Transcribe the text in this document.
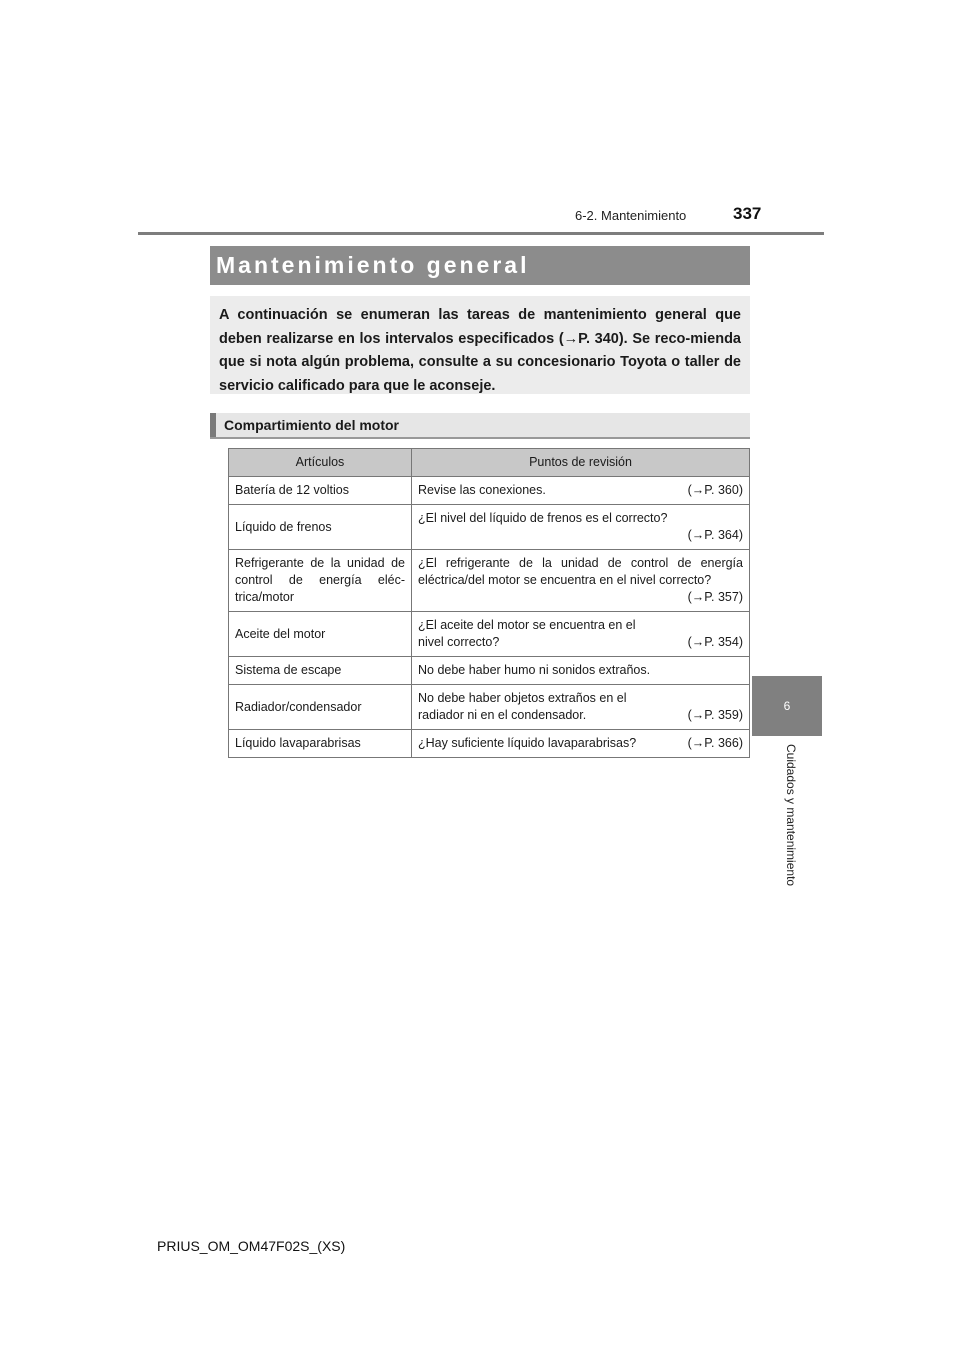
6-2. Mantenimiento	337
6
Cuidados y mantenimiento
Mantenimiento general
A continuación se enumeran las tareas de mantenimiento general que deben realizarse en los intervalos especificados (→P. 340). Se reco-mienda que si nota algún problema, consulte a su concesionario Toyota o taller de servicio calificado para que le aconseje.
Compartimiento del motor
Artículos	Puntos de revisión
Batería de 12 voltios	Revise las conexiones. (→P. 360)

Líquido de frenos	¿El nivel del líquido de frenos es el correcto?
(→P. 364)

Refrigerante de la unidad de control de energía eléc-trica/motor	¿El refrigerante de la unidad de control de energía eléctrica/del motor se encuentra en el nivel correcto?
(→P. 357)

Aceite del motor	¿El aceite del motor se encuentra en el nivel correcto? (→P. 354)

Sistema de escape	No debe haber humo ni sonidos extraños.
Radiador/condensador	No debe haber objetos extraños en el radiador ni en el condensador. (→P. 359)

Líquido lavaparabrisas	¿Hay suficiente líquido lavaparabrisas? (→P. 366)
PRIUS_OM_OM47F02S_(XS)
